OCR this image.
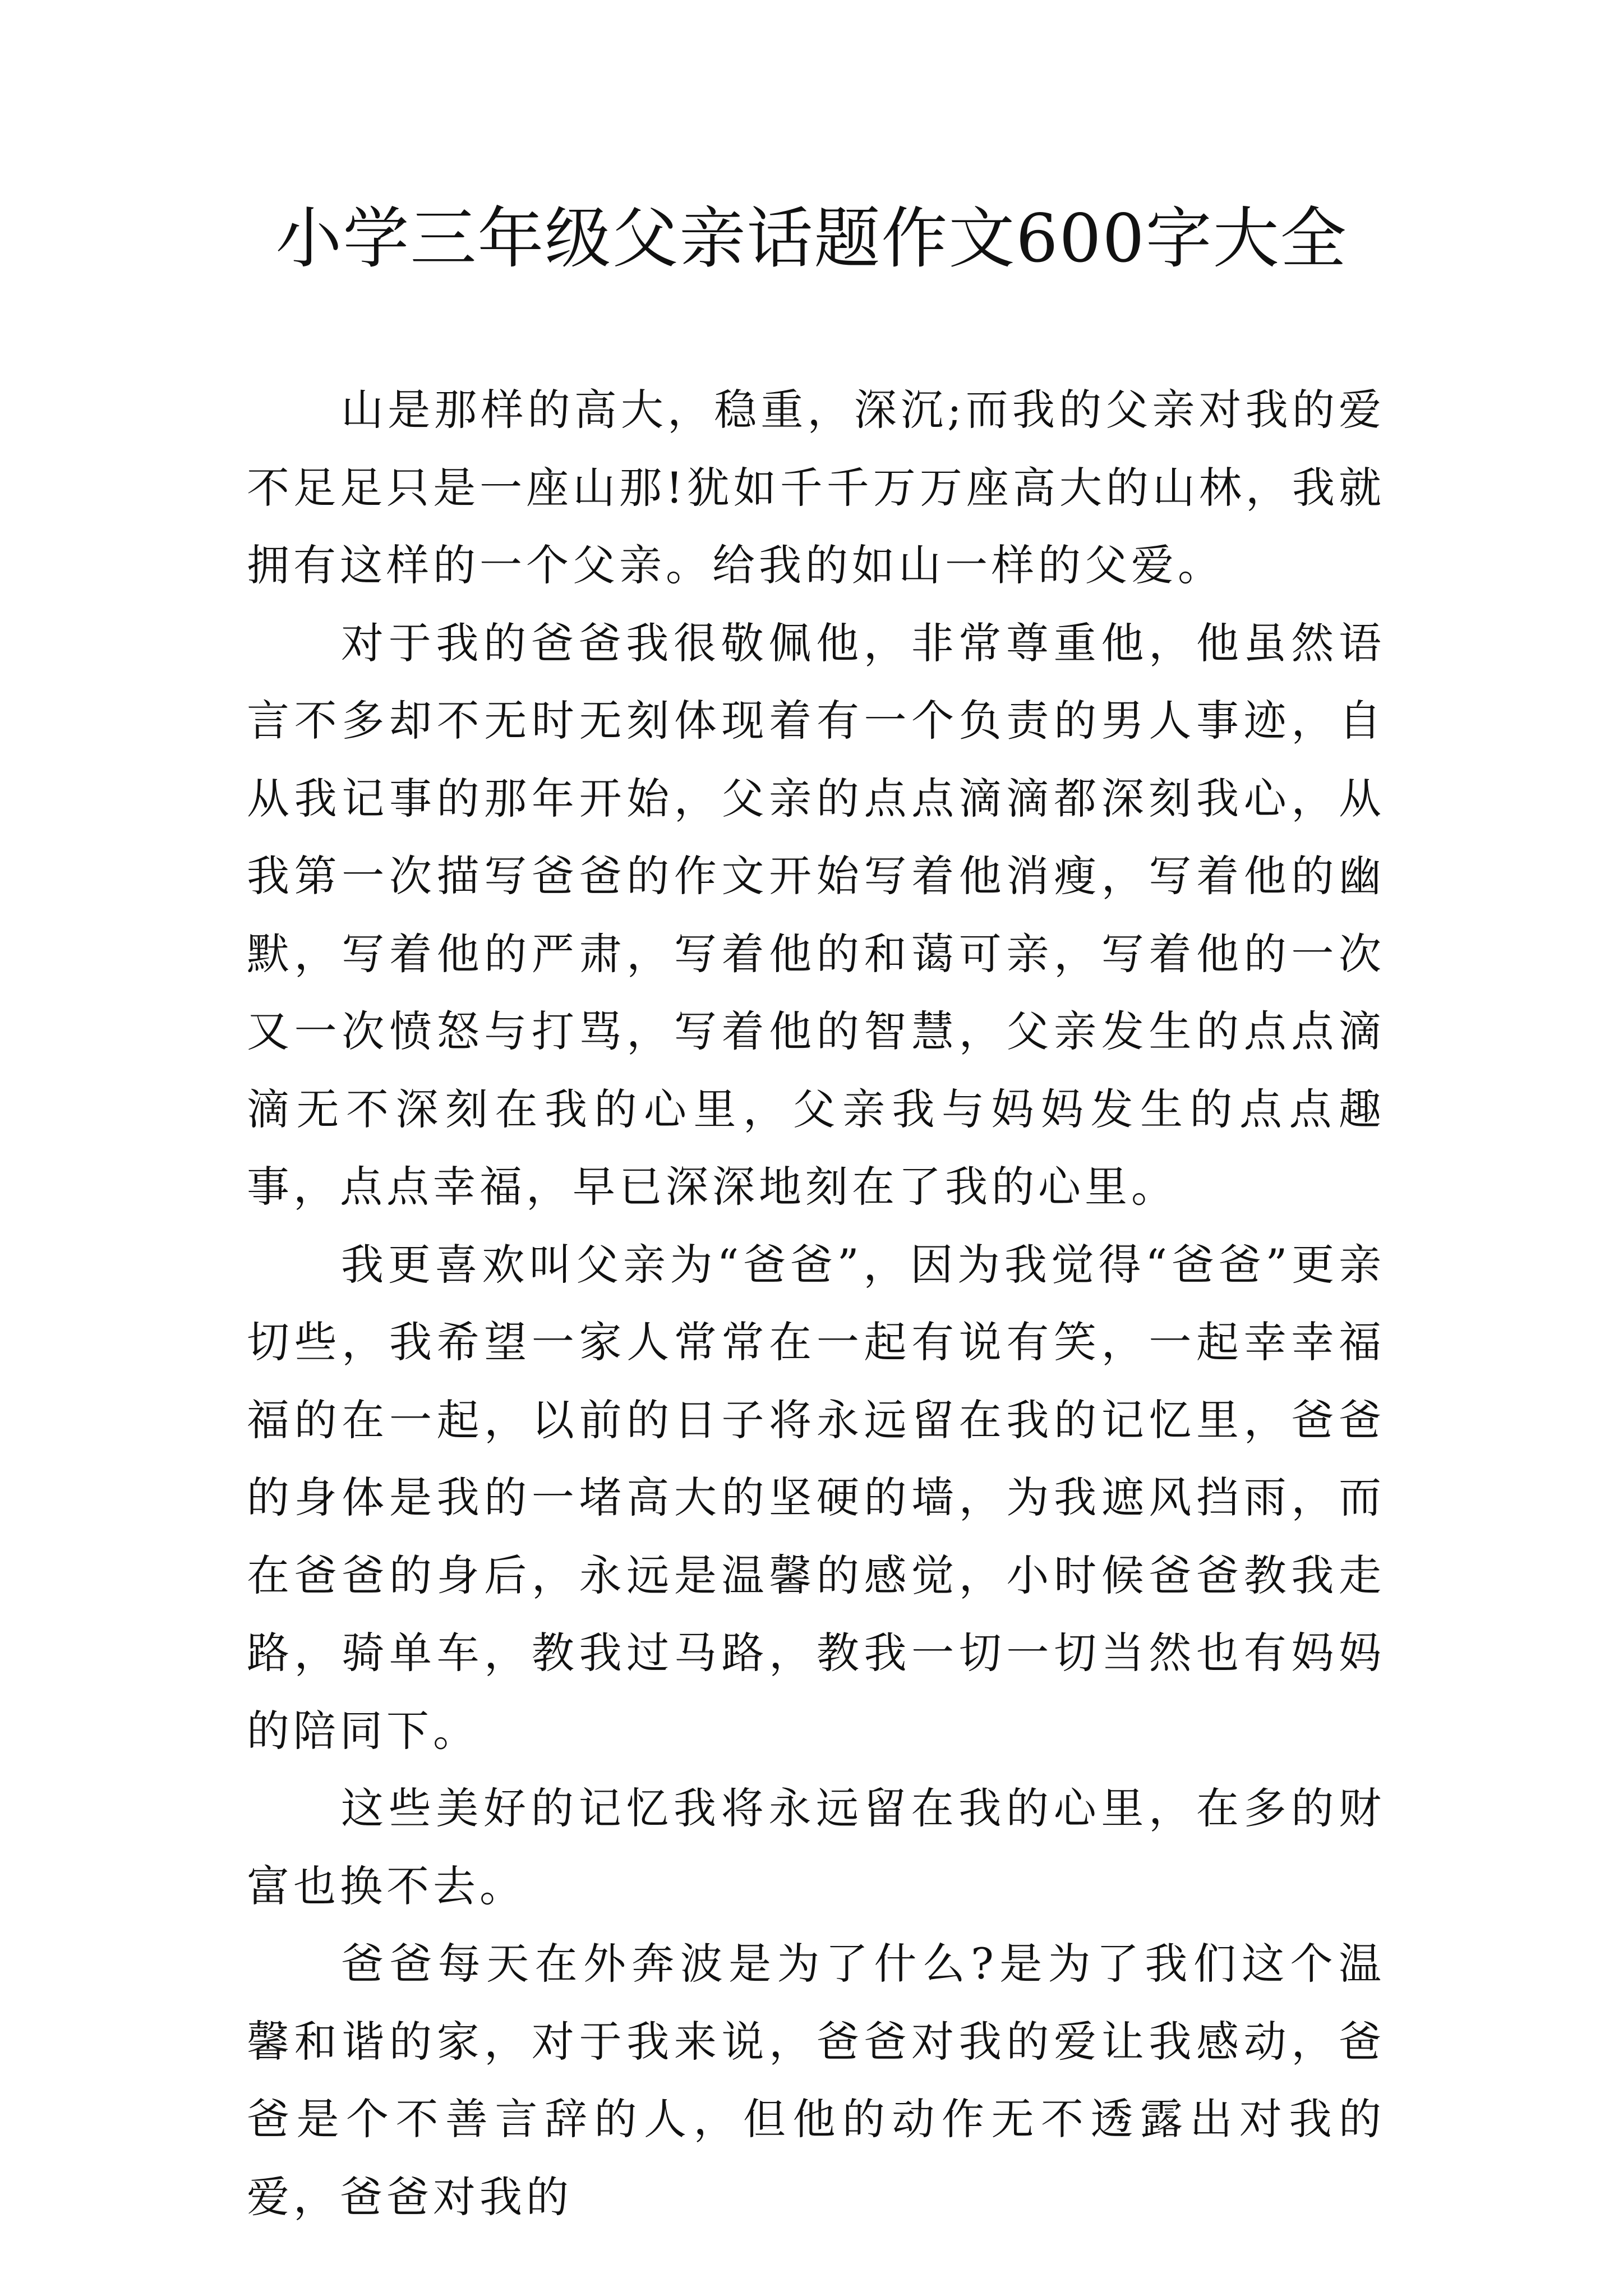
小学三年级父亲话题作文600字大全

山是那样的高大，稳重，深沉;而我的父亲对我的爱不足足只是一座山那!犹如千千万万座高大的山林，我就拥有这样的一个父亲。给我的如山一样的父爱。

对于我的爸爸我很敬佩他，非常尊重他，他虽然语言不多却不无时无刻体现着有一个负责的男人事迹，自从我记事的那年开始，父亲的点点滴滴都深刻我心，从我第一次描写爸爸的作文开始写着他消瘦，写着他的幽默，写着他的严肃，写着他的和蔼可亲，写着他的一次又一次愤怒与打骂，写着他的智慧，父亲发生的点点滴滴无不深刻在我的心里，父亲我与妈妈发生的点点趣事，点点幸福，早已深深地刻在了我的心里。

我更喜欢叫父亲为“爸爸”，因为我觉得“爸爸”更亲切些，我希望一家人常常在一起有说有笑，一起幸幸福福的在一起，以前的日子将永远留在我的记忆里，爸爸的身体是我的一堵高大的坚硬的墙，为我遮风挡雨，而在爸爸的身后，永远是温馨的感觉，小时候爸爸教我走路，骑单车，教我过马路，教我一切一切当然也有妈妈的陪同下。

这些美好的记忆我将永远留在我的心里，在多的财富也换不去。

爸爸每天在外奔波是为了什么?是为了我们这个温馨和谐的家，对于我来说，爸爸对我的爱让我感动，爸爸是个不善言辞的人，但他的动作无不透露出对我的爱，爸爸对我的
